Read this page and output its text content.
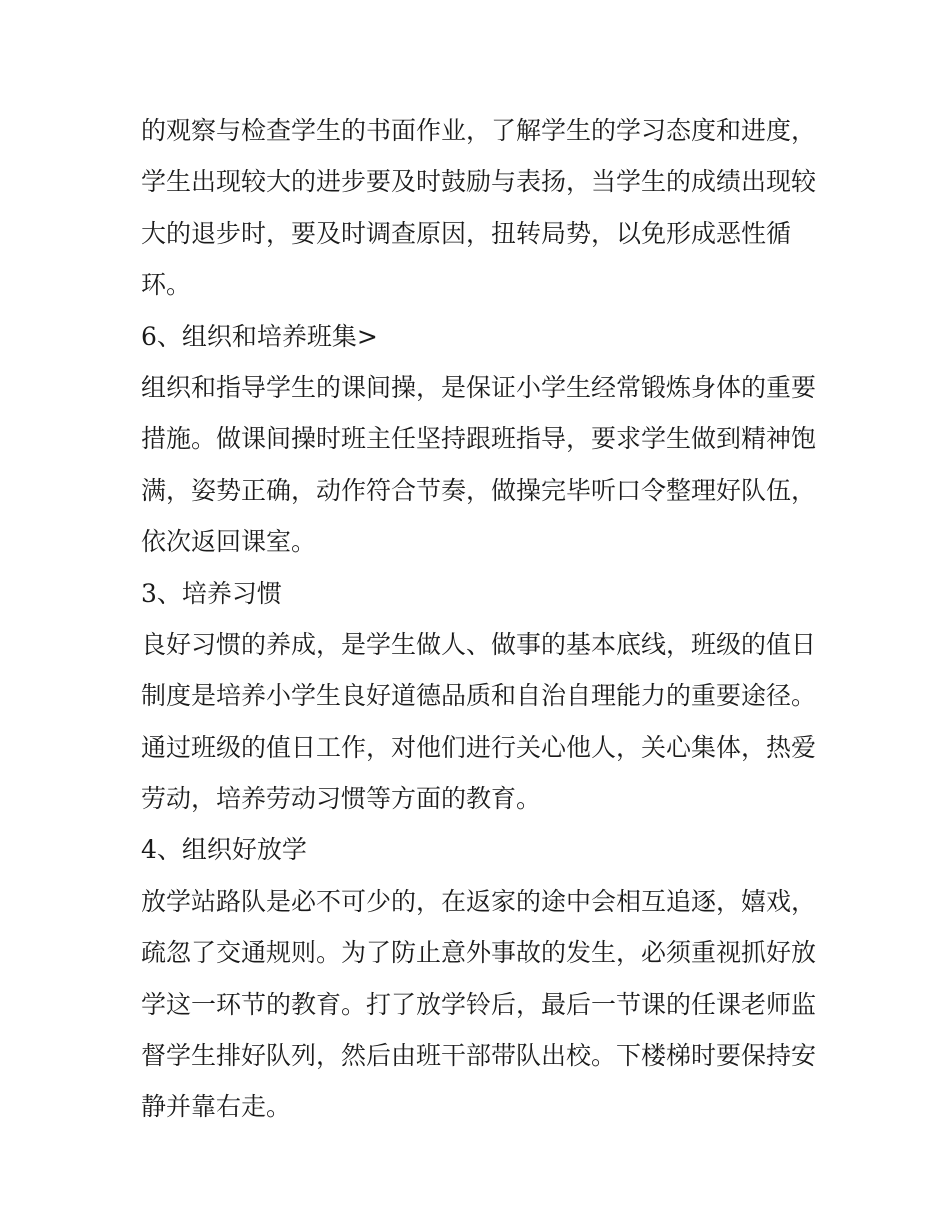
的观察与检查学生的书面作业，了解学生的学习态度和进度，
学生出现较大的进步要及时鼓励与表扬，当学生的成绩出现较
大的退步时，要及时调查原因，扭转局势，以免形成恶性循
环。
6、组织和培养班集>
组织和指导学生的课间操，是保证小学生经常锻炼身体的重要
措施。做课间操时班主任坚持跟班指导，要求学生做到精神饱
满，姿势正确，动作符合节奏，做操完毕听口令整理好队伍，
依次返回课室。
3、培养习惯
良好习惯的养成，是学生做人、做事的基本底线，班级的值日
制度是培养小学生良好道德品质和自治自理能力的重要途径。
通过班级的值日工作，对他们进行关心他人，关心集体，热爱
劳动，培养劳动习惯等方面的教育。
4、组织好放学
放学站路队是必不可少的，在返家的途中会相互追逐，嬉戏，
疏忽了交通规则。为了防止意外事故的发生，必须重视抓好放
学这一环节的教育。打了放学铃后，最后一节课的任课老师监
督学生排好队列，然后由班干部带队出校。下楼梯时要保持安
静并靠右走。
